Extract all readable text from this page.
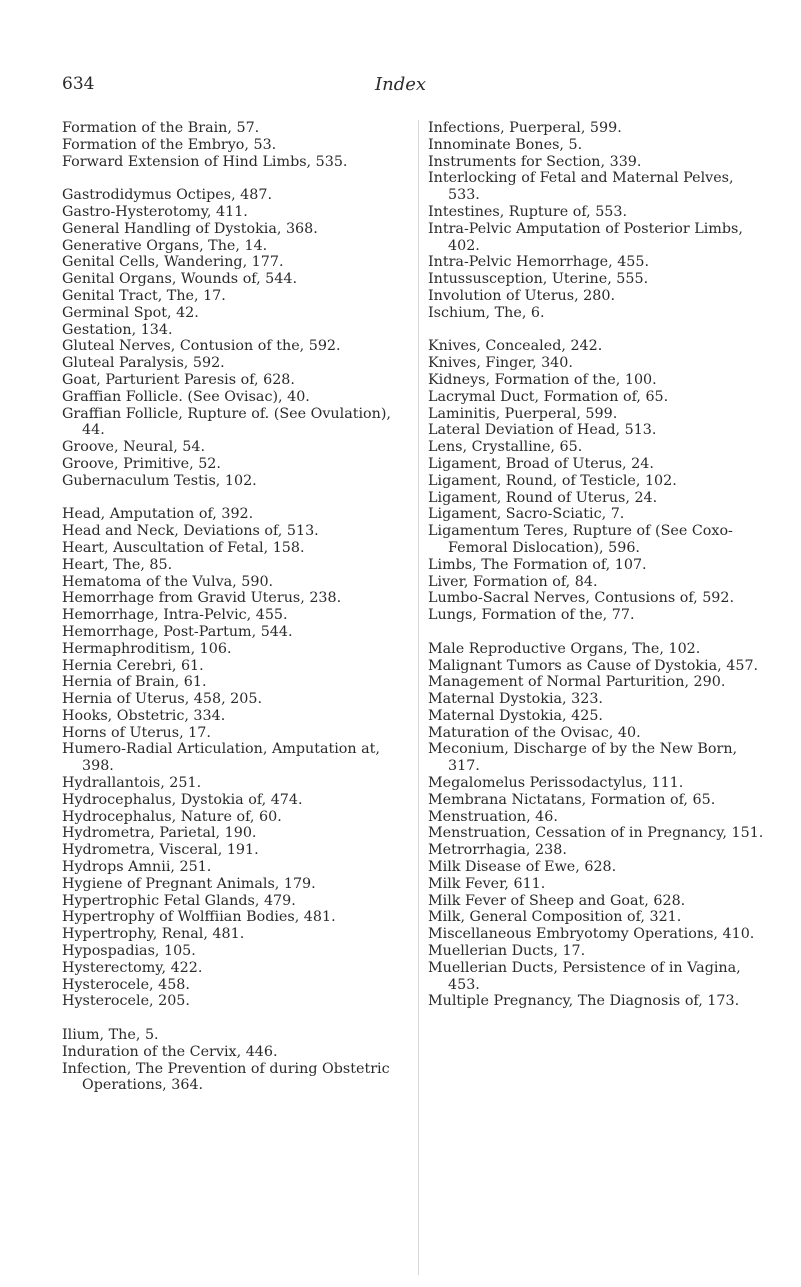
634	Index
Formation of the Brain, 57.
Formation of the Embryo, 53.
Forward Extension of Hind Limbs, 535.
Gastrodidymus Octipes, 487.
Gastro-Hysterotomy, 411.
General Handling of Dystokia, 368.
Generative Organs, The, 14.
Genital Cells, Wandering, 177.
Genital Organs, Wounds of, 544.
Genital Tract, The, 17.
Germinal Spot, 42.
Gestation, 134.
Gluteal Nerves, Contusion of the, 592.
Gluteal Paralysis, 592.
Goat, Parturient Paresis of, 628.
Graffian Follicle. (See Ovisac), 40.
Graffian Follicle, Rupture of. (See Ovulation), 44.
Groove, Neural, 54.
Groove, Primitive, 52.
Gubernaculum Testis, 102.
Head, Amputation of, 392.
Head and Neck, Deviations of, 513.
Heart, Auscultation of Fetal, 158.
Heart, The, 85.
Hematoma of the Vulva, 590.
Hemorrhage from Gravid Uterus, 238.
Hemorrhage, Intra-Pelvic, 455.
Hemorrhage, Post-Partum, 544.
Hermaphroditism, 106.
Hernia Cerebri, 61.
Hernia of Brain, 61.
Hernia of Uterus, 458, 205.
Hooks, Obstetric, 334.
Horns of Uterus, 17.
Humero-Radial Articulation, Amputation at, 398.
Hydrallantois, 251.
Hydrocephalus, Dystokia of, 474.
Hydrocephalus, Nature of, 60.
Hydrometra, Parietal, 190.
Hydrometra, Visceral, 191.
Hydrops Amnii, 251.
Hygiene of Pregnant Animals, 179.
Hypertrophic Fetal Glands, 479.
Hypertrophy of Wolffiian Bodies, 481.
Hypertrophy, Renal, 481.
Hypospadias, 105.
Hysterectomy, 422.
Hysterocele, 458.
Hysterocele, 205.
Ilium, The, 5.
Induration of the Cervix, 446.
Infection, The Prevention of during Obstetric Operations, 364.
Infections, Puerperal, 599.
Innominate Bones, 5.
Instruments for Section, 339.
Interlocking of Fetal and Maternal Pelves, 533.
Intestines, Rupture of, 553.
Intra-Pelvic Amputation of Posterior Limbs, 402.
Intra-Pelvic Hemorrhage, 455.
Intussusception, Uterine, 555.
Involution of Uterus, 280.
Ischium, The, 6.
Knives, Concealed, 242.
Knives, Finger, 340.
Kidneys, Formation of the, 100.
Lacrymal Duct, Formation of, 65.
Laminitis, Puerperal, 599.
Lateral Deviation of Head, 513.
Lens, Crystalline, 65.
Ligament, Broad of Uterus, 24.
Ligament, Round, of Testicle, 102.
Ligament, Round of Uterus, 24.
Ligament, Sacro-Sciatic, 7.
Ligamentum Teres, Rupture of (See Coxo-Femoral Dislocation), 596.
Limbs, The Formation of, 107.
Liver, Formation of, 84.
Lumbo-Sacral Nerves, Contusions of, 592.
Lungs, Formation of the, 77.
Male Reproductive Organs, The, 102.
Malignant Tumors as Cause of Dystokia, 457.
Management of Normal Parturition, 290.
Maternal Dystokia, 323.
Maternal Dystokia, 425.
Maturation of the Ovisac, 40.
Meconium, Discharge of by the New Born, 317.
Megalomelus Perissodactylus, 111.
Membrana Nictatans, Formation of, 65.
Menstruation, 46.
Menstruation, Cessation of in Pregnancy, 151.
Metrorrhagia, 238.
Milk Disease of Ewe, 628.
Milk Fever, 611.
Milk Fever of Sheep and Goat, 628.
Milk, General Composition of, 321.
Miscellaneous Embryotomy Operations, 410.
Muellerian Ducts, 17.
Muellerian Ducts, Persistence of in Vagina, 453.
Multiple Pregnancy, The Diagnosis of, 173.
